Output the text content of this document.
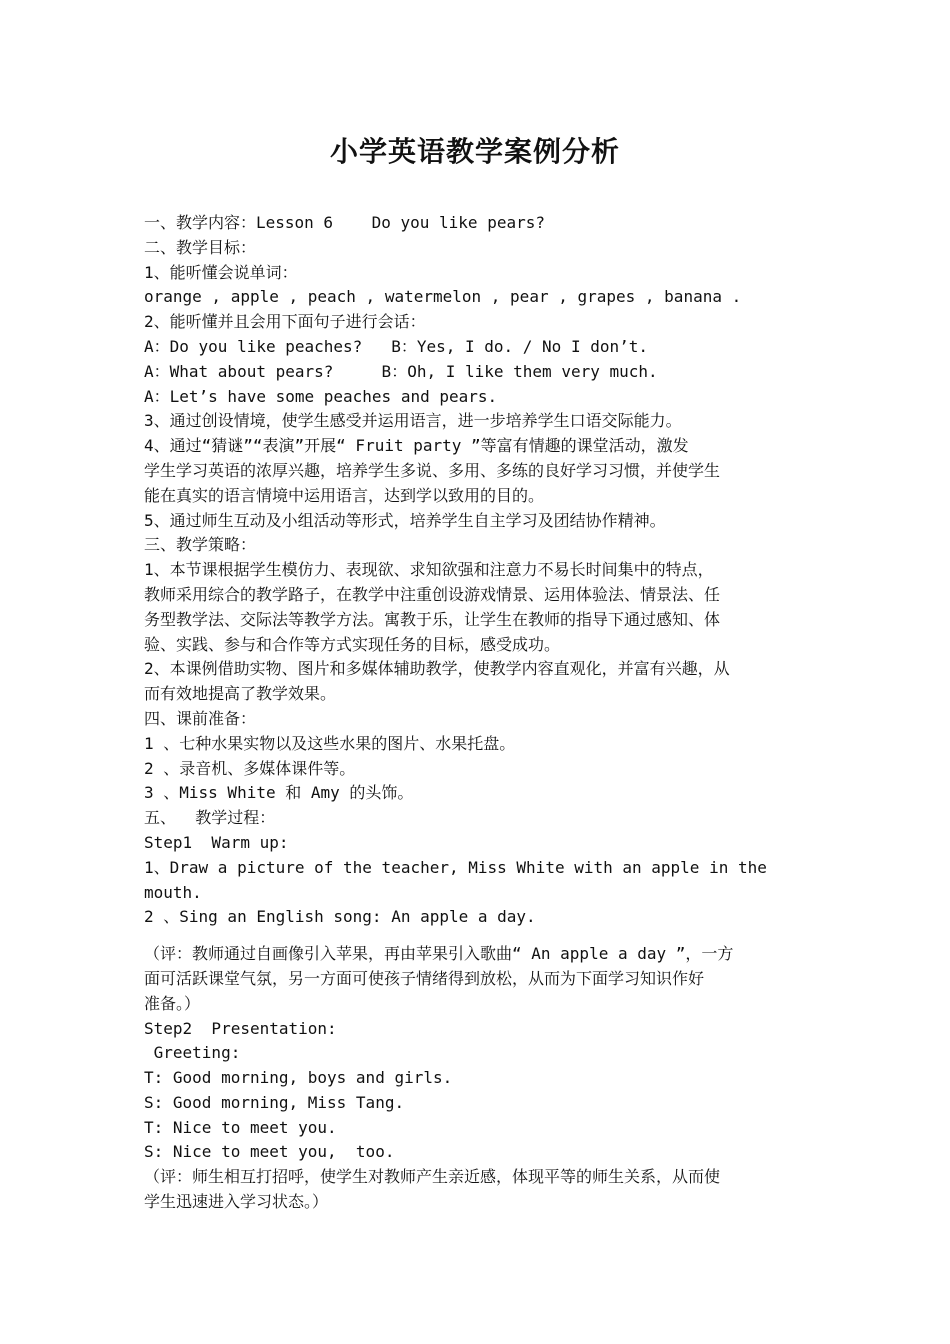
小学英语教学案例分析
一、教学内容：Lesson 6    Do you like pears?
二、教学目标：
1、能听懂会说单词：
orange , apple , peach , watermelon , pear , grapes , banana .
2、能听懂并且会用下面句子进行会话：
A：Do you like peaches?   B：Yes, I do. / No I don’t.
A：What about pears?     B：Oh, I like them very much.
A：Let’s have some peaches and pears.
3、通过创设情境，使学生感受并运用语言，进一步培养学生口语交际能力。
4、通过“猜谜”“表演”开展“ Fruit party ”等富有情趣的课堂活动，激发
学生学习英语的浓厚兴趣，培养学生多说、多用、多练的良好学习习惯，并使学生
能在真实的语言情境中运用语言，达到学以致用的目的。
5、通过师生互动及小组活动等形式，培养学生自主学习及团结协作精神。
三、教学策略：
1、本节课根据学生模仿力、表现欲、求知欲强和注意力不易长时间集中的特点，
教师采用综合的教学路子，在教学中注重创设游戏情景、运用体验法、情景法、任
务型教学法、交际法等教学方法。寓教于乐，让学生在教师的指导下通过感知、体
验、实践、参与和合作等方式实现任务的目标，感受成功。
2、本课例借助实物、图片和多媒体辅助教学，使教学内容直观化，并富有兴趣，从
而有效地提高了教学效果。
四、课前准备：
1 、七种水果实物以及这些水果的图片、水果托盘。
2 、录音机、多媒体课件等。
3 、Miss White 和 Amy 的头饰。
五、  教学过程：
Step1  Warm up:
1、Draw a picture of the teacher, Miss White with an apple in the
mouth.
2 、Sing an English song: An apple a day.
（评：教师通过自画像引入苹果，再由苹果引入歌曲“ An apple a day ”，一方
面可活跃课堂气氛，另一方面可使孩子情绪得到放松，从而为下面学习知识作好
准备。）
Step2  Presentation:
Greeting:
T: Good morning, boys and girls.
S: Good morning, Miss Tang.
T: Nice to meet you.
S: Nice to meet you,  too.
（评：师生相互打招呼，使学生对教师产生亲近感，体现平等的师生关系，从而使
学生迅速进入学习状态。）
